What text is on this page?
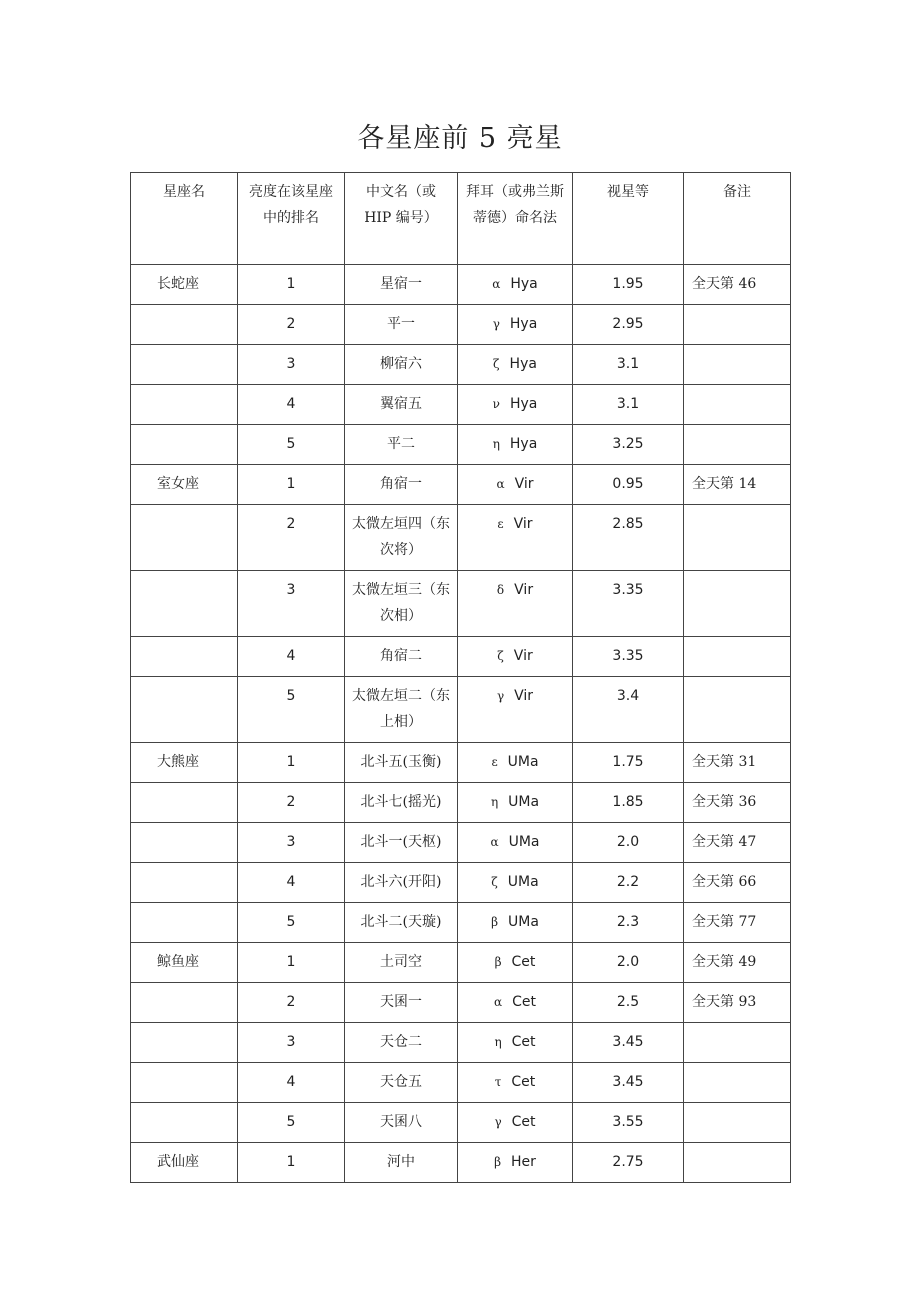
各星座前 5 亮星
星座名	亮度在该星座中的排名	中文名（或 HIP 编号）	拜耳（或弗兰斯蒂德）命名法	视星等	备注
长蛇座	1	星宿一	α Hya	1.95	全天第 46
	2	平一	γ Hya	2.95	
	3	柳宿六	ζ Hya	3.1	
	4	翼宿五	ν Hya	3.1	
	5	平二	η Hya	3.25	
室女座	1	角宿一	α Vir	0.95	全天第 14
	2	太微左垣四（东次将）	ε Vir	2.85	
	3	太微左垣三（东次相）	δ Vir	3.35	
	4	角宿二	ζ Vir	3.35	
	5	太微左垣二（东上相）	γ Vir	3.4	
大熊座	1	北斗五(玉衡)	ε UMa	1.75	全天第 31
	2	北斗七(摇光)	η UMa	1.85	全天第 36
	3	北斗一(天枢)	α UMa	2.0	全天第 47
	4	北斗六(开阳)	ζ UMa	2.2	全天第 66
	5	北斗二(天璇)	β UMa	2.3	全天第 77
鲸鱼座	1	土司空	β Cet	2.0	全天第 49
	2	天囷一	α Cet	2.5	全天第 93
	3	天仓二	η Cet	3.45	
	4	天仓五	τ Cet	3.45	
	5	天囷八	γ Cet	3.55	
武仙座	1	河中	β Her	2.75	
